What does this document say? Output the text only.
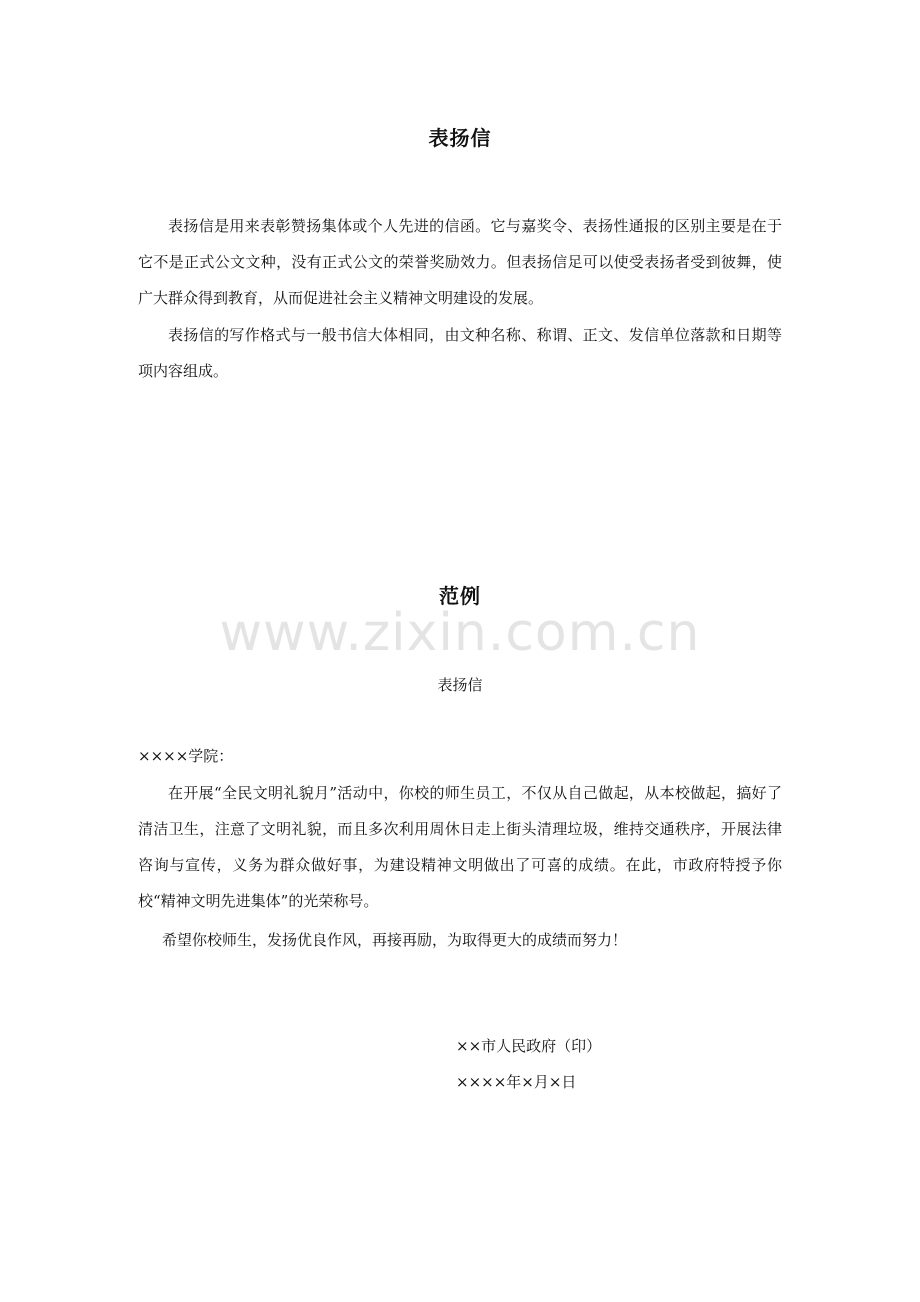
表扬信

表扬信是用来表彰赞扬集体或个人先进的信函。它与嘉奖令、表扬性通报的区别主要是在于它不是正式公文文种，没有正式公文的荣誉奖励效力。但表扬信足可以使受表扬者受到彼舞，使广大群众得到教育，从而促进社会主义精神文明建设的发展。

表扬信的写作格式与一般书信大体相同，由文种名称、称谓、正文、发信单位落款和日期等项内容组成。

范例
www.zixin.com.cn
表扬信
××××学院：

在开展“全民文明礼貌月”活动中，你校的师生员工，不仅从自己做起，从本校做起，搞好了清洁卫生，注意了文明礼貌，而且多次利用周休日走上街头清理垃圾，维持交通秩序，开展法律咨询与宣传，义务为群众做好事，为建设精神文明做出了可喜的成绩。在此，市政府特授予你校“精神文明先进集体”的光荣称号。

希望你校师生，发扬优良作风，再接再励，为取得更大的成绩而努力！

××市人民政府（印）
××××年×月×日
